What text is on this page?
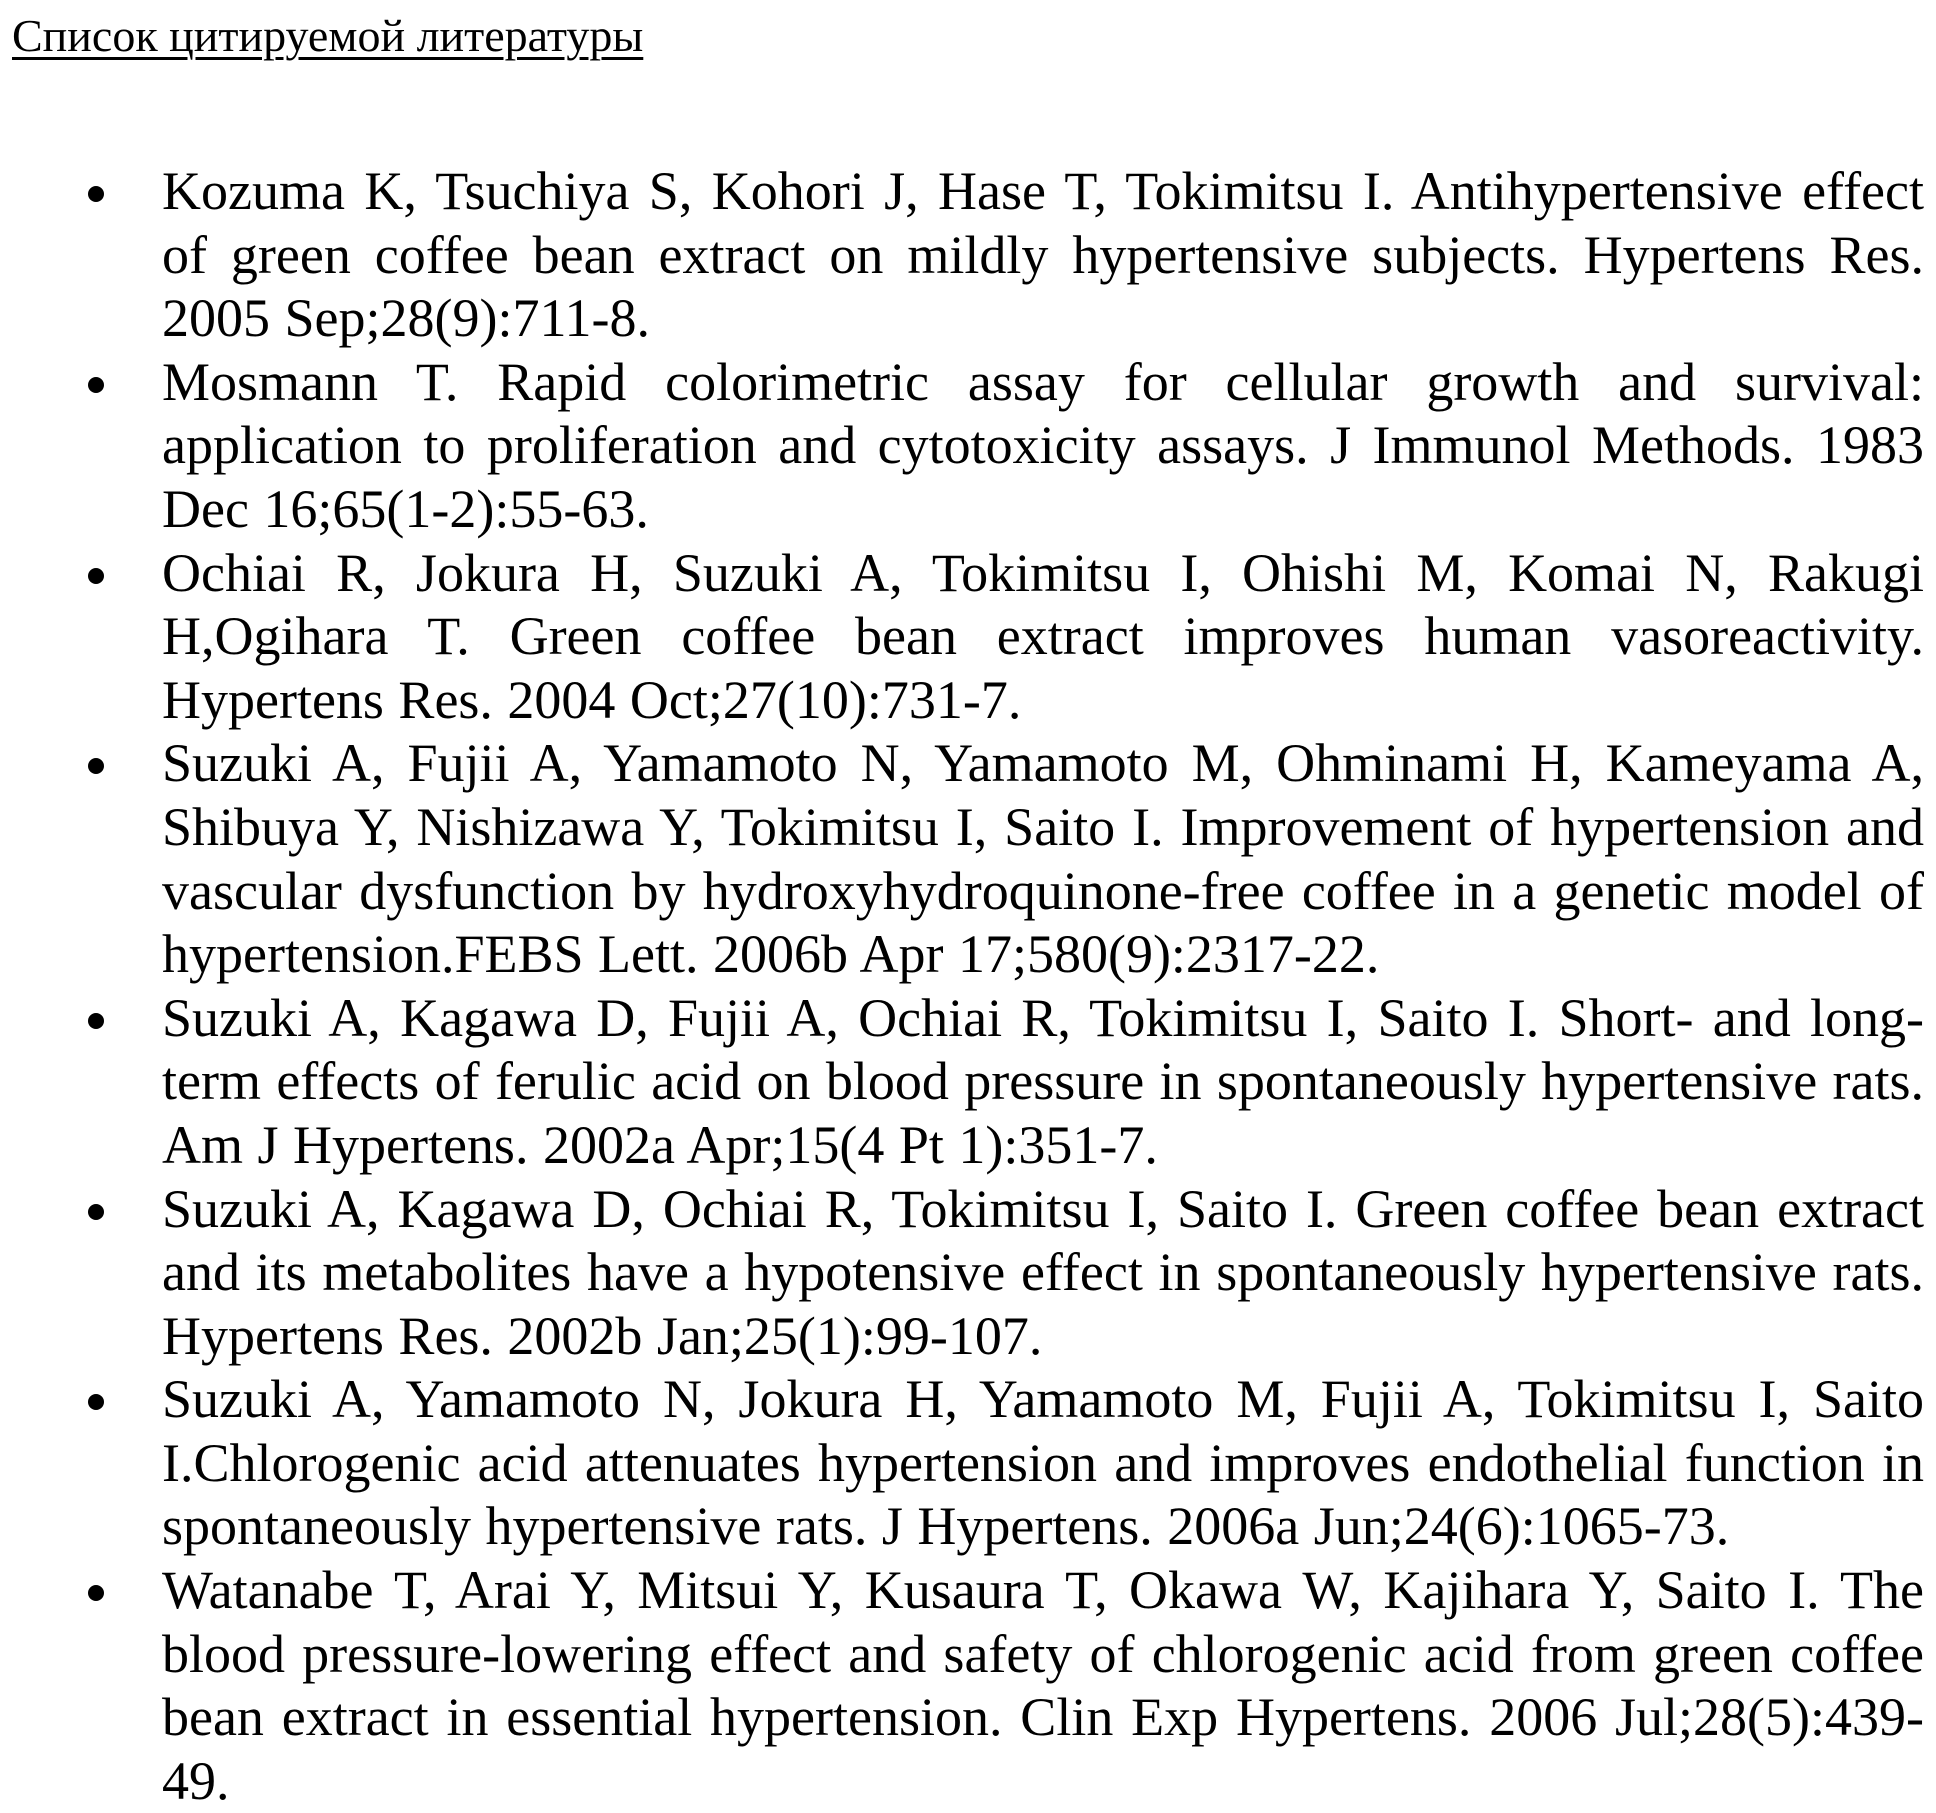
Список цитируемой литературы
Kozuma K, Tsuchiya S, Kohori J, Hase T, Tokimitsu I. Antihypertensive effect of green coffee bean extract on mildly hypertensive subjects. Hypertens Res. 2005 Sep;28(9):711-8.
Mosmann T. Rapid colorimetric assay for cellular growth and survival: application to proliferation and cytotoxicity assays. J Immunol Methods. 1983 Dec 16;65(1-2):55-63.
Ochiai R, Jokura H, Suzuki A, Tokimitsu I, Ohishi M, Komai N, Rakugi H,Ogihara T. Green coffee bean extract improves human vasoreactivity. Hypertens Res. 2004 Oct;27(10):731-7.
Suzuki A, Fujii A, Yamamoto N, Yamamoto M, Ohminami H, Kameyama A, Shibuya Y, Nishizawa Y, Tokimitsu I, Saito I. Improvement of hypertension and vascular dysfunction by hydroxyhydroquinone-free coffee in a genetic model of hypertension.FEBS Lett. 2006b Apr 17;580(9):2317-22.
Suzuki A, Kagawa D, Fujii A, Ochiai R, Tokimitsu I, Saito I. Short- and long-term effects of ferulic acid on blood pressure in spontaneously hypertensive rats. Am J Hypertens. 2002a Apr;15(4 Pt 1):351-7.
Suzuki A, Kagawa D, Ochiai R, Tokimitsu I, Saito I. Green coffee bean extract and its metabolites have a hypotensive effect in spontaneously hypertensive rats. Hypertens Res. 2002b Jan;25(1):99-107.
Suzuki A, Yamamoto N, Jokura H, Yamamoto M, Fujii A, Tokimitsu I, Saito I.Chlorogenic acid attenuates hypertension and improves endothelial function in spontaneously hypertensive rats. J Hypertens. 2006a Jun;24(6):1065-73.
Watanabe T, Arai Y, Mitsui Y, Kusaura T, Okawa W, Kajihara Y, Saito I. The blood pressure-lowering effect and safety of chlorogenic acid from green coffee bean extract in essential hypertension. Clin Exp Hypertens. 2006 Jul;28(5):439-49.
